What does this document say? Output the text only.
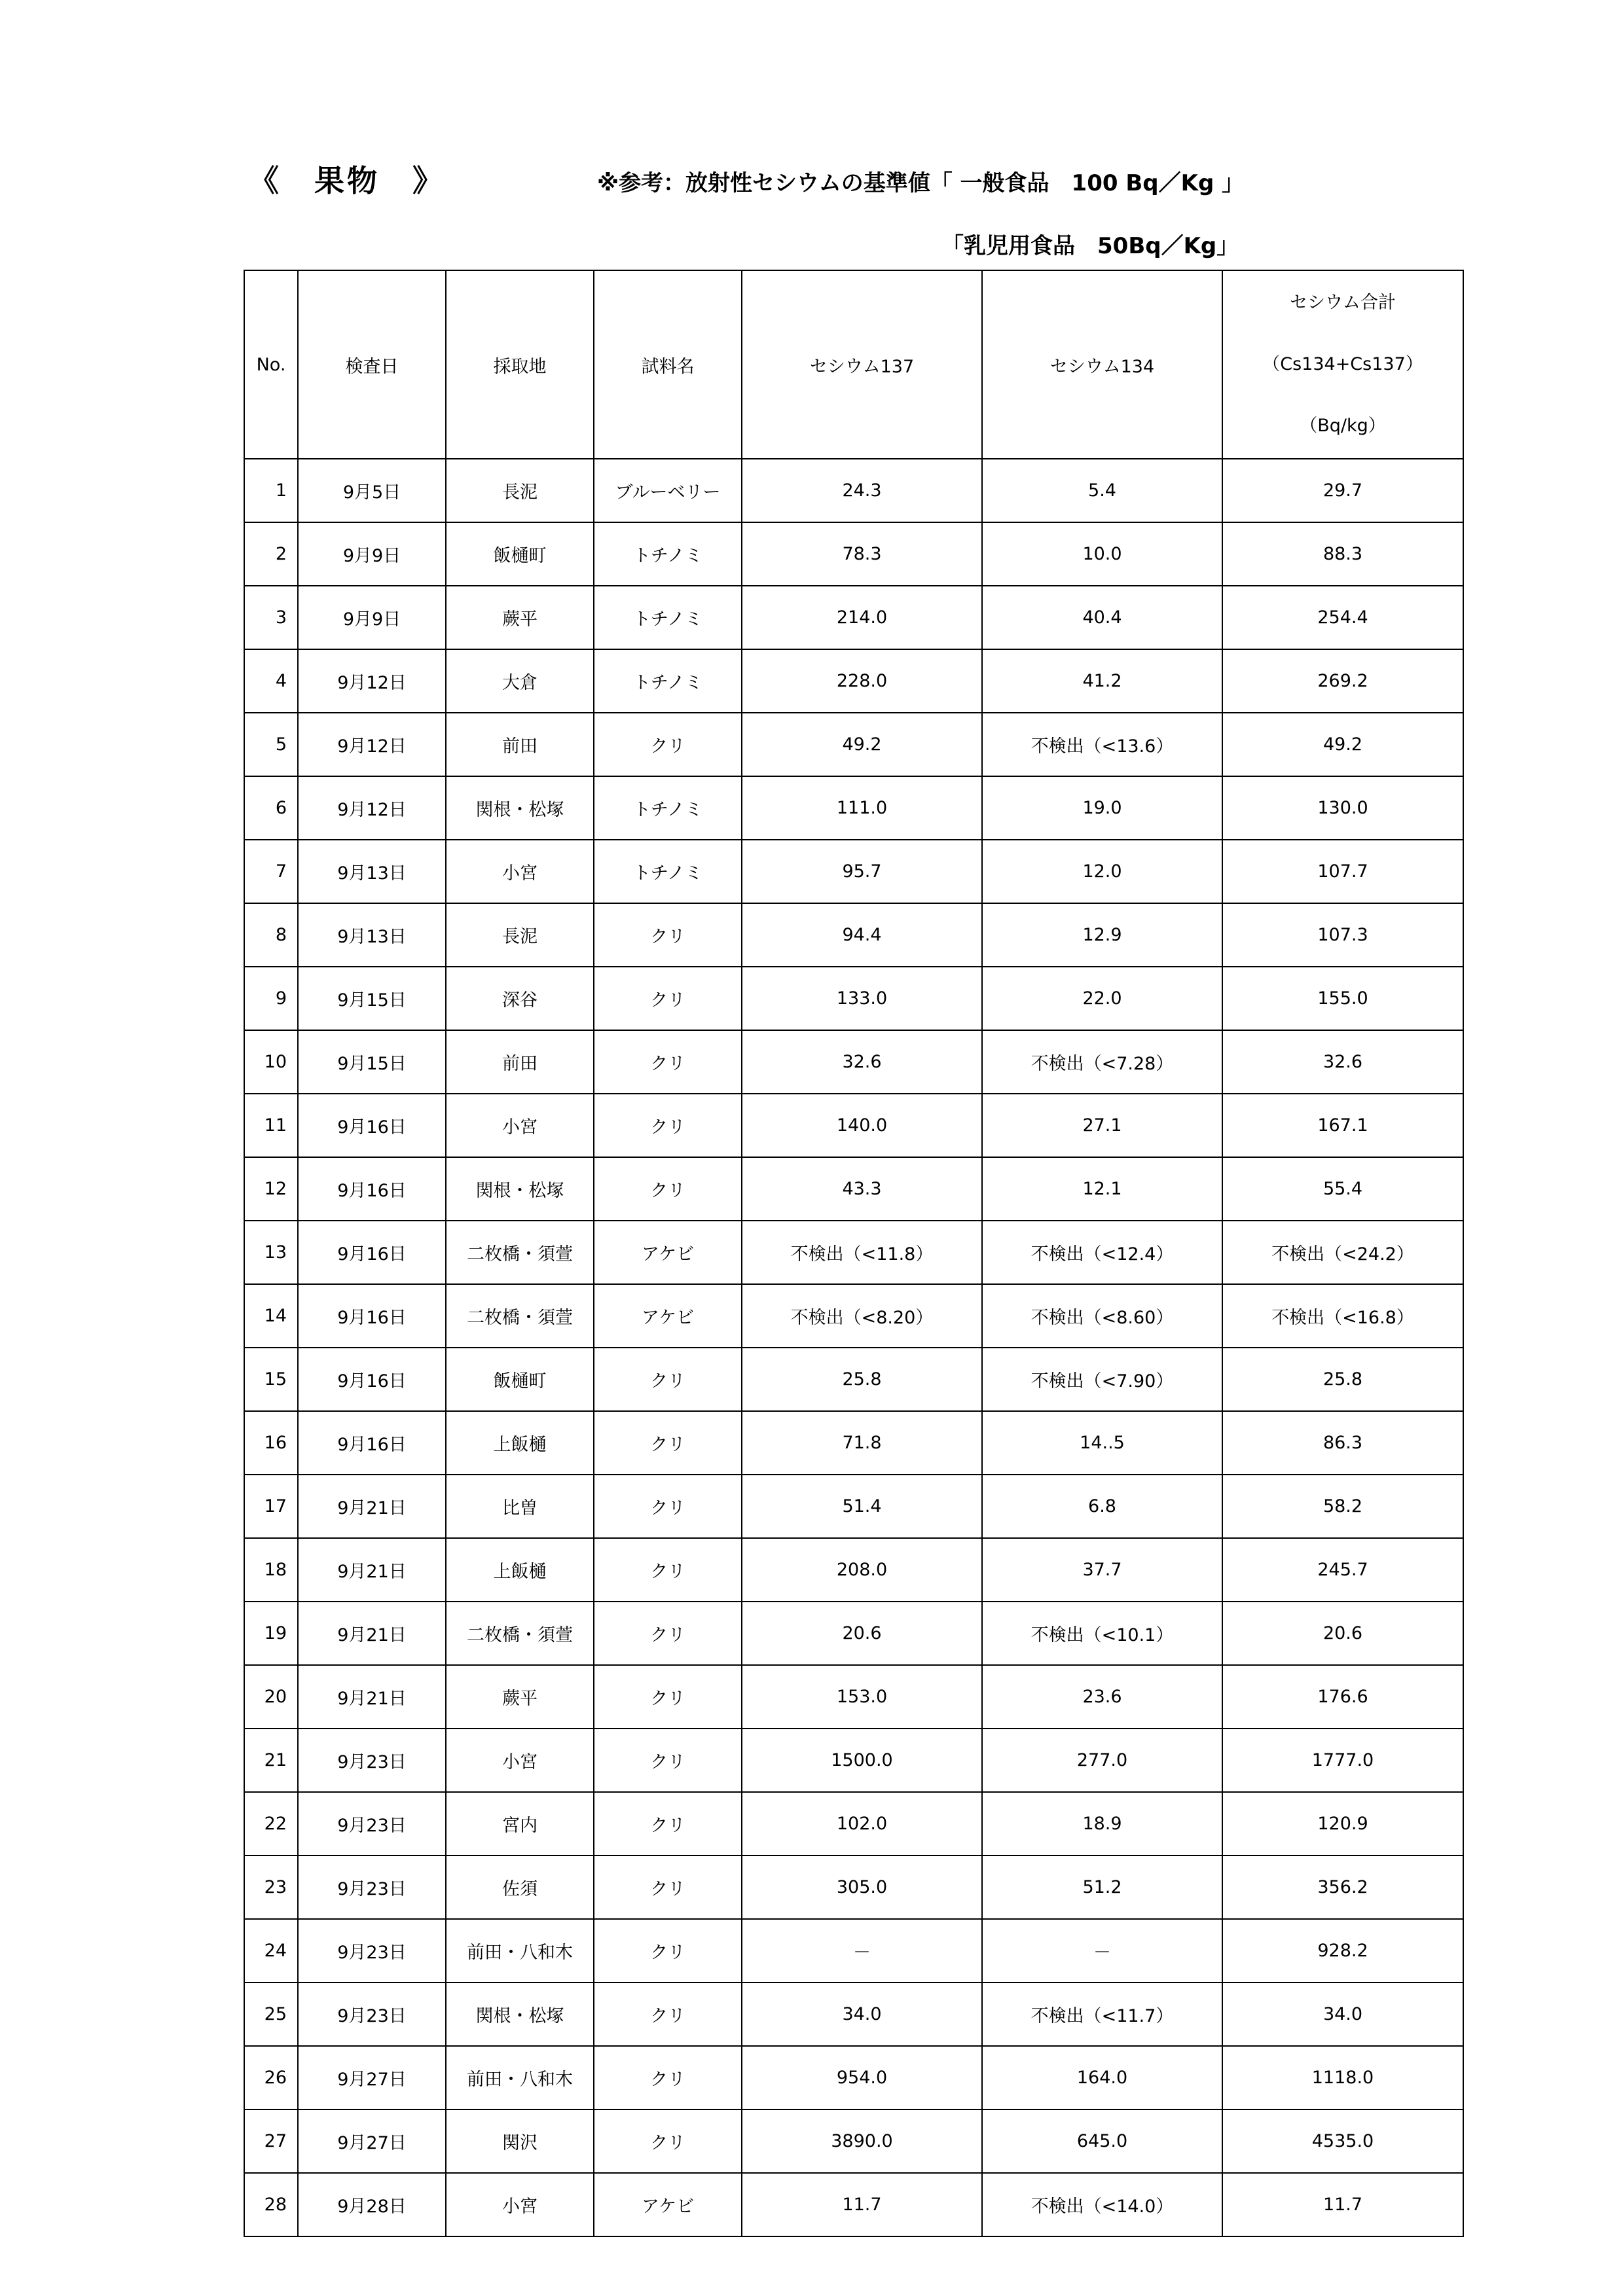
《　果物　》	※参考：放射性セシウムの基準値「 一般食品　100 Bq／Kg 」
「乳児用食品　50Bq／Kg」
No.	検査日	採取地	試料名	セシウム137	セシウム134	セシウム合計
（Cs134+Cs137）
（Bq/kg）

1	9月5日	長泥	ブルーベリー	24.3	5.4	29.7
2	9月9日	飯樋町	トチノミ	78.3	10.0	88.3
3	9月9日	蕨平	トチノミ	214.0	40.4	254.4
4	9月12日	大倉	トチノミ	228.0	41.2	269.2
5	9月12日	前田	クリ	49.2	不検出（<13.6）	49.2
6	9月12日	関根・松塚	トチノミ	111.0	19.0	130.0
7	9月13日	小宮	トチノミ	95.7	12.0	107.7
8	9月13日	長泥	クリ	94.4	12.9	107.3
9	9月15日	深谷	クリ	133.0	22.0	155.0
10	9月15日	前田	クリ	32.6	不検出（<7.28）	32.6
11	9月16日	小宮	クリ	140.0	27.1	167.1
12	9月16日	関根・松塚	クリ	43.3	12.1	55.4
13	9月16日	二枚橋・須萱	アケビ	不検出（<11.8）	不検出（<12.4）	不検出（<24.2）
14	9月16日	二枚橋・須萱	アケビ	不検出（<8.20）	不検出（<8.60）	不検出（<16.8）
15	9月16日	飯樋町	クリ	25.8	不検出（<7.90）	25.8
16	9月16日	上飯樋	クリ	71.8	14..5	86.3
17	9月21日	比曽	クリ	51.4	6.8	58.2
18	9月21日	上飯樋	クリ	208.0	37.7	245.7
19	9月21日	二枚橋・須萱	クリ	20.6	不検出（<10.1）	20.6
20	9月21日	蕨平	クリ	153.0	23.6	176.6
21	9月23日	小宮	クリ	1500.0	277.0	1777.0
22	9月23日	宮内	クリ	102.0	18.9	120.9
23	9月23日	佐須	クリ	305.0	51.2	356.2
24	9月23日	前田・八和木	クリ	－	－	928.2
25	9月23日	関根・松塚	クリ	34.0	不検出（<11.7）	34.0
26	9月27日	前田・八和木	クリ	954.0	164.0	1118.0
27	9月27日	関沢	クリ	3890.0	645.0	4535.0
28	9月28日	小宮	アケビ	11.7	不検出（<14.0）	11.7
